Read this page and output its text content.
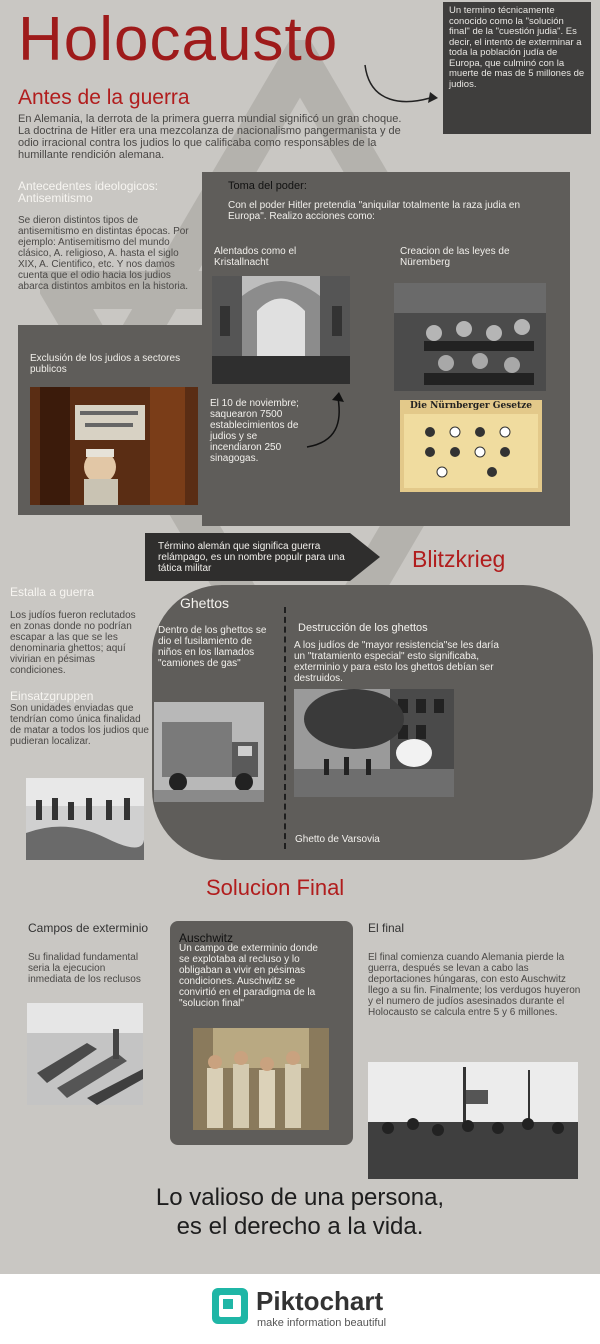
Holocausto	Un termino técnicamente conocido como la "solución final" de la "cuestión judia". Es decir, el intento de exterminar a toda la población judía de Europa, que culminó con la muerte de mas de 5 millones de judios.
Antes de la guerra
En Alemania, la derrota de la primera guerra mundial significó un gran choque. La doctrina de Hitler era una mezcolanza de nacionalismo pangermanista y de odio irracional contra los judios lo que calificaba como responsables de la humillante rendición alemana.
Antecedentes ideologicos: Antisemitismo
Se dieron distintos tipos de antisemitismo en distintas épocas. Por ejemplo: Antisemitismo del mundo clásico, A. religioso, A. hasta el siglo XIX, A. Cientifico, etc. Y nos damos cuenta que el odio hacia los judios abarca distintos ambitos en la historia.
Exclusión de los judios a sectores publicos
Toma del poder:
Con el poder Hitler pretendia "aniquilar totalmente la raza judia en Europa". Realizo acciones como:
Alentados como el Kristallnacht
Creacion de las leyes de Nüremberg
El 10 de noviembre; saquearon 7500 establecimientos de judios y se incendiaron 250 sinagogas.
Die Nürnberger Gesetze
Término alemán que significa guerra relámpago, es un nombre populr para una tática militar	Blitzkrieg
Estalla a guerra
Los judíos fueron reclutados en zonas donde no podrían escapar a las que se les denominaria ghettos; aquí vivirian en pésimas condiciones.
Einsatzgruppen
Son unidades enviadas que tendrían como única finalidad de matar a todos los judios que pudieran localizar.
Ghettos
Dentro de los ghettos se dio el fusilamiento de niños en los llamados "camiones de gas"
Destrucción de los ghettos
A los judíos de "mayor resistencia"se les daría un "tratamiento especial" esto significaba, exterminio y para esto los ghettos debían ser destruidos.
Ghetto de Varsovia
Solucion Final
Campos de exterminio
Su finalidad fundamental seria la ejecucion inmediata de los reclusos
Auschwitz
Un campo de exterminio donde se explotaba al recluso y lo obligaban a vivir en pésimas condiciones. Auschwitz se convirtió en el paradigma de la "solucion final"
El final
El final comienza cuando Alemania pierde la guerra, después se levan a cabo las deportaciones húngaras, con esto Auschwitz llego a su fin. Finalmente; los verdugos huyeron y el numero de judíos asesinados durante el Holocausto se calcula entre 5 y 6 millones.
Lo valioso de una persona,
es el derecho a la vida.
Piktochart
make information beautiful
